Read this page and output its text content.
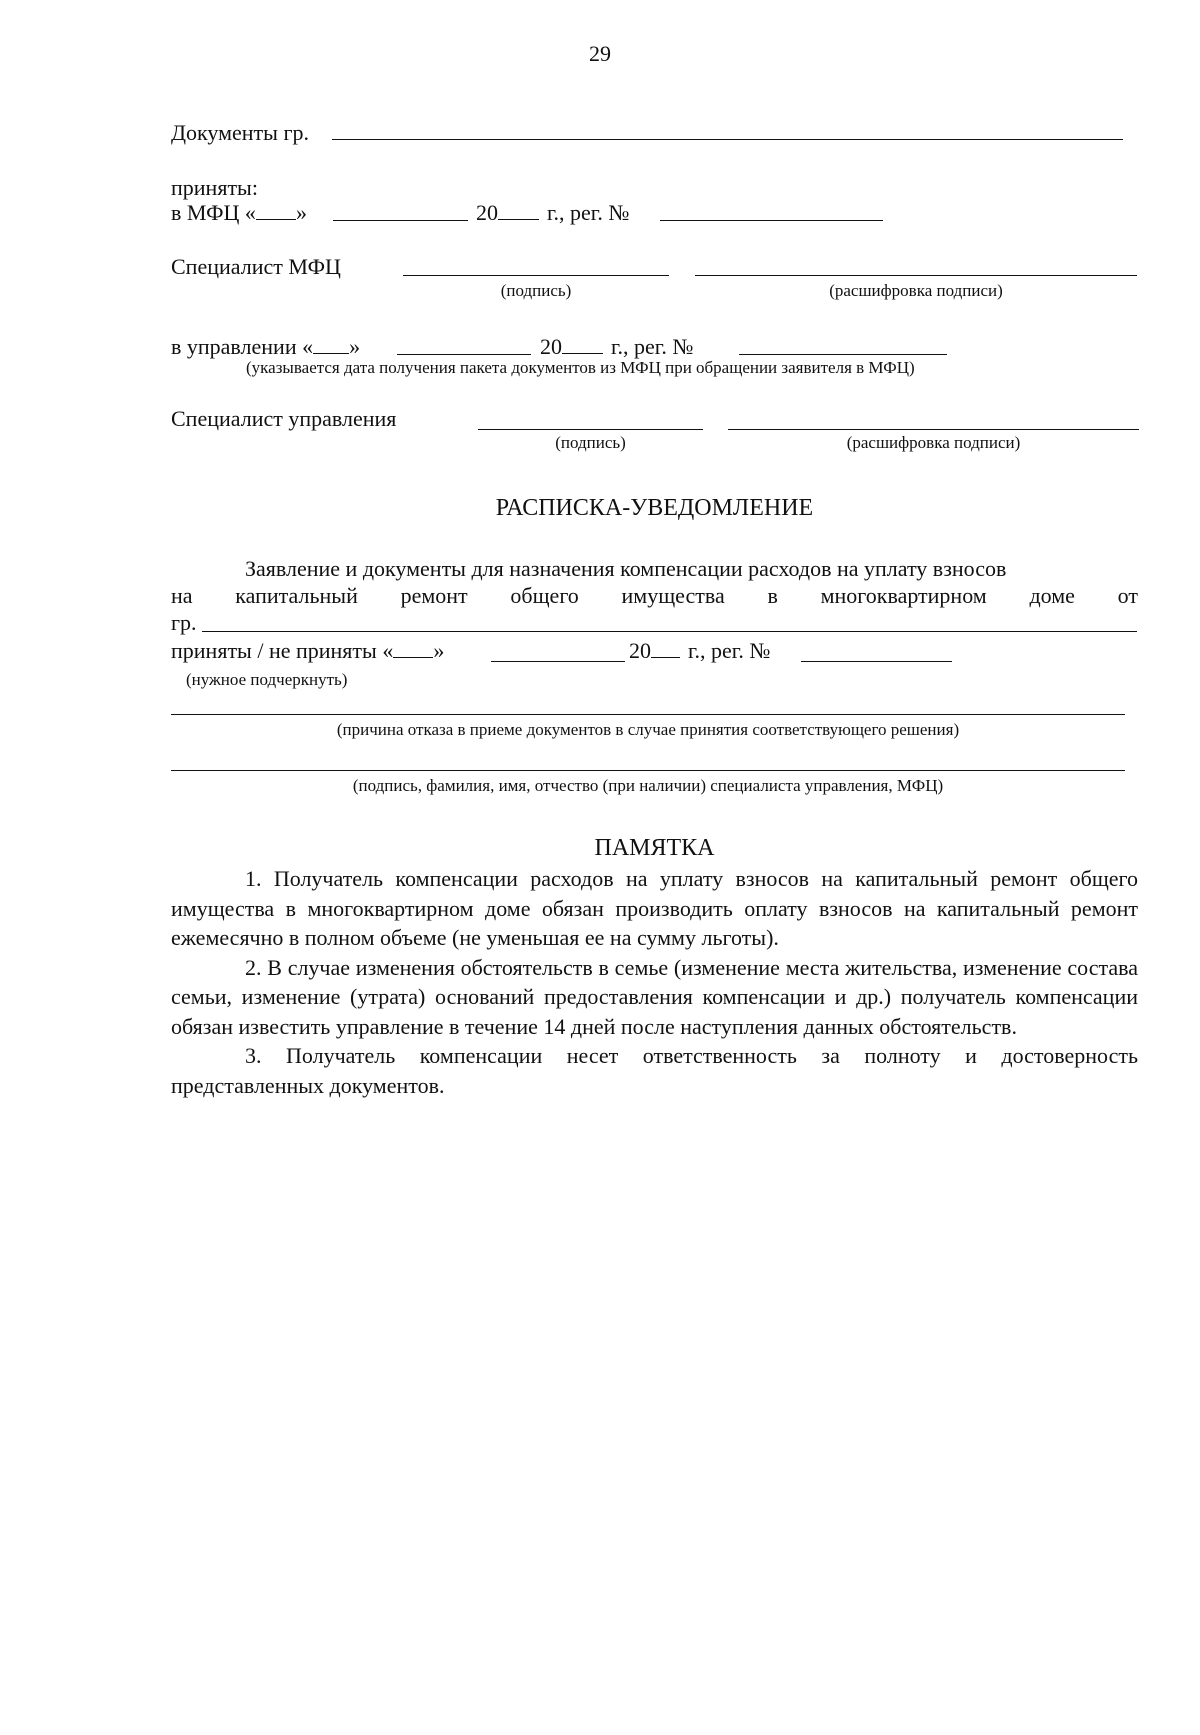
29
Документы гр.
приняты:
в МФЦ « »	20 г., рег. №
Специалист МФЦ
(подпись)	(расшифровка подписи)
в управлении « »	20 г., рег. №
(указывается дата получения пакета документов из МФЦ при обращении заявителя в МФЦ)
Специалист управления
(подпись)	(расшифровка подписи)
РАСПИСКА-УВЕДОМЛЕНИЕ
Заявление и документы для назначения компенсации расходов на уплату взносов
на капитальный ремонт общего имущества в многоквартирном доме от
гр.
приняты / не приняты « »	20 г., рег. №
(нужное подчеркнуть)
(причина отказа в приеме документов в случае принятия соответствующего решения)
(подпись, фамилия, имя, отчество (при наличии) специалиста управления, МФЦ)
ПАМЯТКА

1. Получатель компенсации расходов на уплату взносов на капитальный ремонт общего имущества в многоквартирном доме обязан производить оплату взносов на капитальный ремонт ежемесячно в полном объеме (не уменьшая ее на сумму льготы).

2. В случае изменения обстоятельств в семье (изменение места жительства, изменение состава семьи, изменение (утрата) оснований предоставления компенсации и др.) получатель компенсации обязан известить управление в течение 14 дней после наступления данных обстоятельств.

3. Получатель компенсации несет ответственность за полноту и достоверность представленных документов.
